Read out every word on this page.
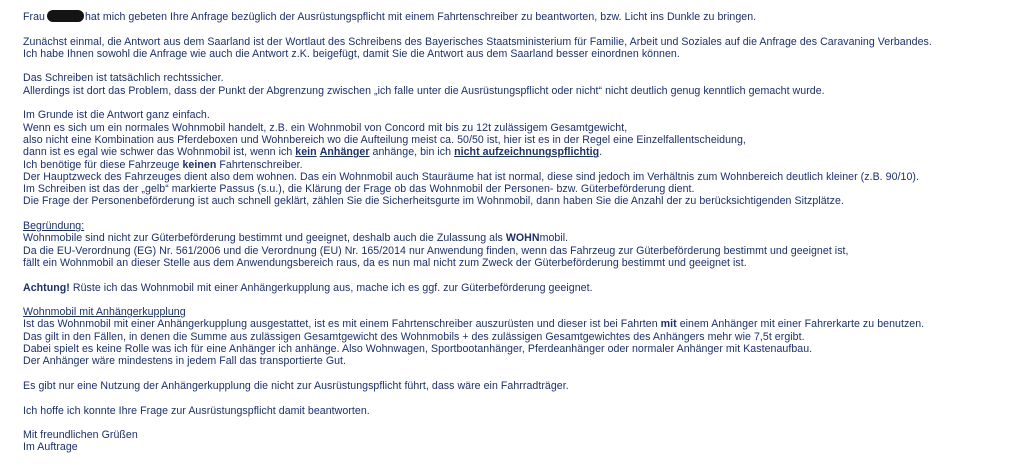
Frau	hat mich gebeten Ihre Anfrage bezüglich der Ausrüstungspflicht mit einem Fahrtenschreiber zu beantworten, bzw. Licht ins Dunkle zu bringen.

Zunächst einmal, die Antwort aus dem Saarland ist der Wortlaut des Schreibens des Bayerisches Staatsministerium für Familie, Arbeit und Soziales auf die Anfrage des Caravaning Verbandes.
Ich habe Ihnen sowohl die Anfrage wie auch die Antwort z.K. beigefügt, damit Sie die Antwort aus dem Saarland besser einordnen können.

Das Schreiben ist tatsächlich rechtssicher.
Allerdings ist dort das Problem, dass der Punkt der Abgrenzung zwischen „ich falle unter die Ausrüstungspflicht oder nicht“ nicht deutlich genug kenntlich gemacht wurde.

Im Grunde ist die Antwort ganz einfach.
Wenn es sich um ein normales Wohnmobil handelt, z.B. ein Wohnmobil von Concord mit bis zu 12t zulässigem Gesamtgewicht,
also nicht eine Kombination aus Pferdeboxen und Wohnbereich wo die Aufteilung meist ca. 50/50 ist, hier ist es in der Regel eine Einzelfallentscheidung,
dann ist es egal wie schwer das Wohnmobil ist, wenn ich kein Anhänger anhänge, bin ich nicht aufzeichnungspflichtig.
Ich benötige für diese Fahrzeuge keinen Fahrtenschreiber.
Der Hauptzweck des Fahrzeuges dient also dem wohnen. Das ein Wohnmobil auch Stauräume hat ist normal, diese sind jedoch im Verhältnis zum Wohnbereich deutlich kleiner (z.B. 90/10).
Im Schreiben ist das der „gelb“ markierte Passus (s.u.), die Klärung der Frage ob das Wohnmobil der Personen- bzw. Güterbeförderung dient.
Die Frage der Personenbeförderung ist auch schnell geklärt, zählen Sie die Sicherheitsgurte im Wohnmobil, dann haben Sie die Anzahl der zu berücksichtigenden Sitzplätze.

Begründung:
Wohnmobile sind nicht zur Güterbeförderung bestimmt und geeignet, deshalb auch die Zulassung als WOHNmobil.
Da die EU-Verordnung (EG) Nr. 561/2006 und die Verordnung (EU) Nr. 165/2014 nur Anwendung finden, wenn das Fahrzeug zur Güterbeförderung bestimmt und geeignet ist,
fällt ein Wohnmobil an dieser Stelle aus dem Anwendungsbereich raus, da es nun mal nicht zum Zweck der Güterbeförderung bestimmt und geeignet ist.

Achtung! Rüste ich das Wohnmobil mit einer Anhängerkupplung aus, mache ich es ggf. zur Güterbeförderung geeignet.

Wohnmobil mit Anhängerkupplung
Ist das Wohnmobil mit einer Anhängerkupplung ausgestattet, ist es mit einem Fahrtenschreiber auszurüsten und dieser ist bei Fahrten mit einem Anhänger mit einer Fahrerkarte zu benutzen.
Das gilt in den Fällen, in denen die Summe aus zulässigen Gesamtgewicht des Wohnmobils + des zulässigen Gesamtgewichtes des Anhängers mehr wie 7,5t ergibt.
Dabei spielt es keine Rolle was ich für eine Anhänger ich anhänge. Also Wohnwagen, Sportbootanhänger, Pferdeanhänger oder normaler Anhänger mit Kastenaufbau.
Der Anhänger wäre mindestens in jedem Fall das transportierte Gut.

Es gibt nur eine Nutzung der Anhängerkupplung die nicht zur Ausrüstungspflicht führt, dass wäre ein Fahrradträger.

Ich hoffe ich konnte Ihre Frage zur Ausrüstungspflicht damit beantworten.

Mit freundlichen Grüßen
Im Auftrage
